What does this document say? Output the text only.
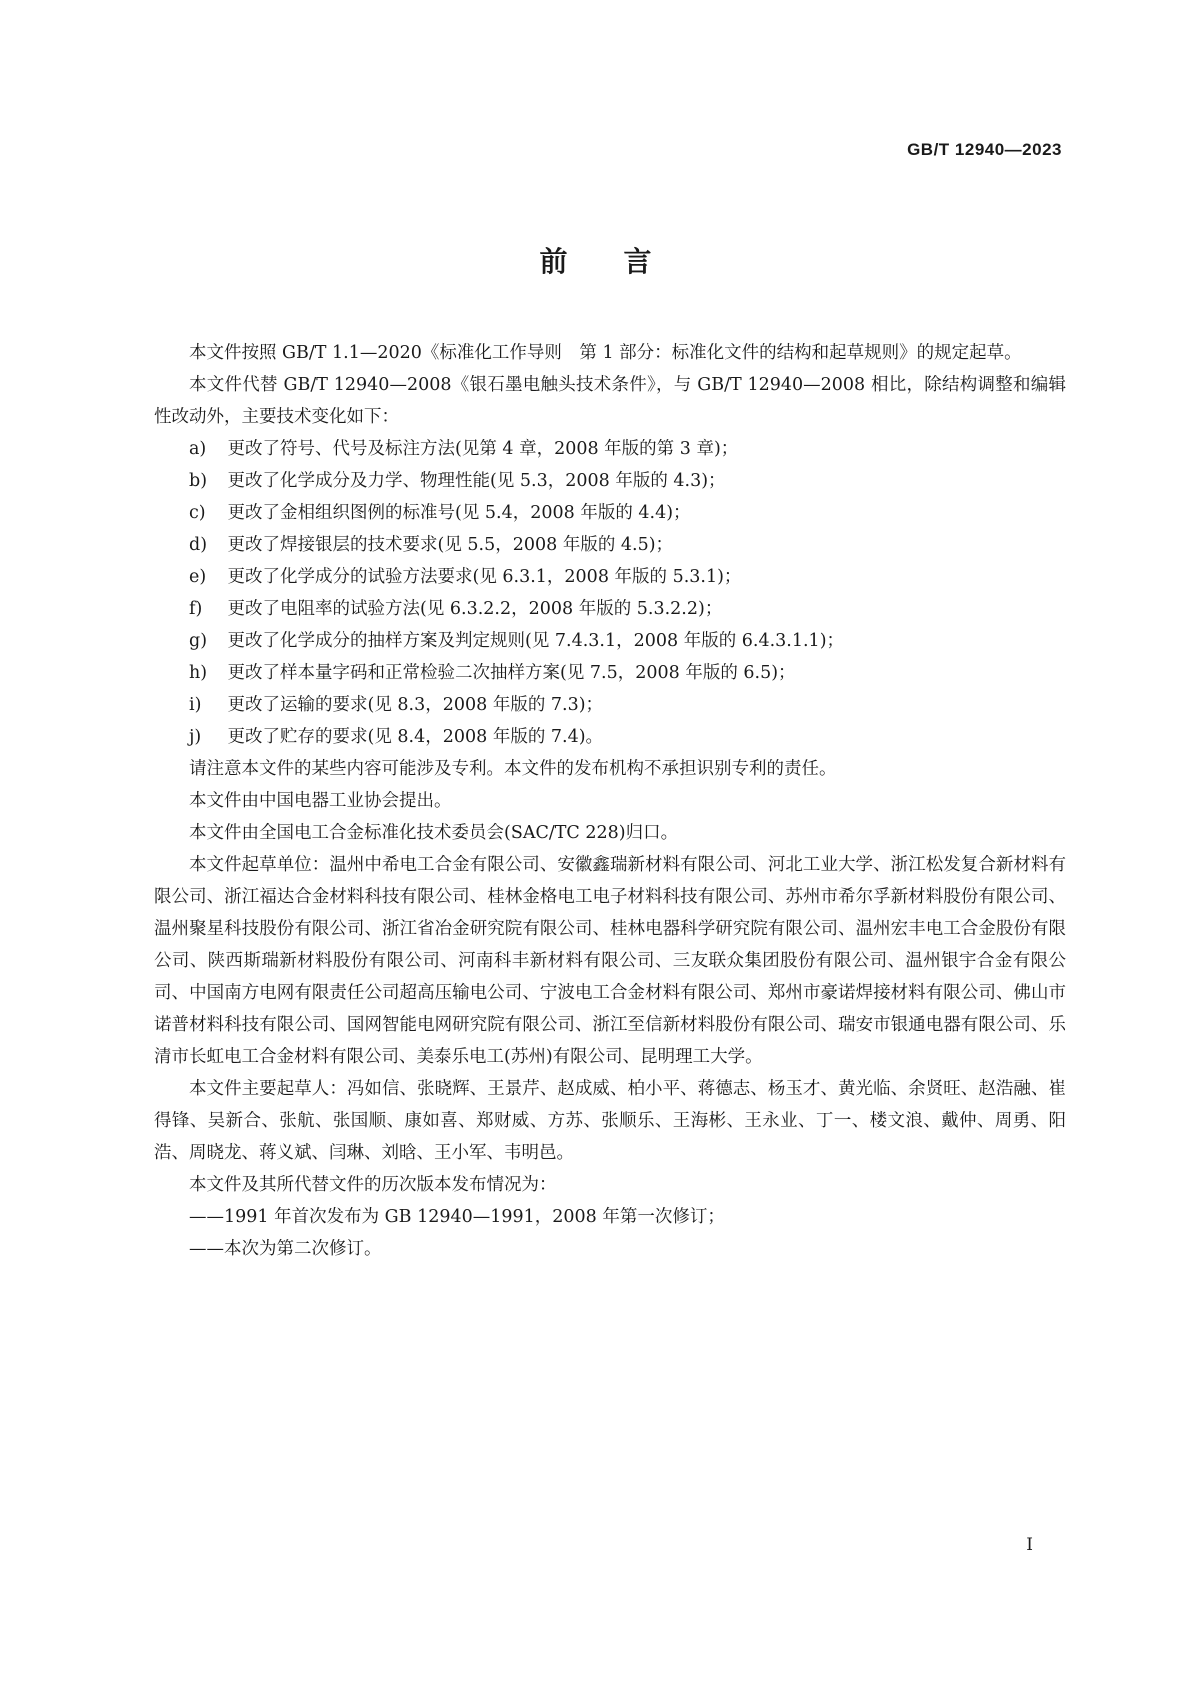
GB/T 12940—2023
前言

本文件按照 GB/T 1.1—2020《标准化工作导则　第 1 部分：标准化文件的结构和起草规则》的规定起草。

本文件代替 GB/T 12940—2008《银石墨电触头技术条件》，与 GB/T 12940—2008 相比，除结构调整和编辑性改动外，主要技术变化如下：

a)	更改了符号、代号及标注方法(见第 4 章，2008 年版的第 3 章)；
b)	更改了化学成分及力学、物理性能(见 5.3，2008 年版的 4.3)；
c)	更改了金相组织图例的标准号(见 5.4，2008 年版的 4.4)；
d)	更改了焊接银层的技术要求(见 5.5，2008 年版的 4.5)；
e)	更改了化学成分的试验方法要求(见 6.3.1，2008 年版的 5.3.1)；
f)	更改了电阻率的试验方法(见 6.3.2.2，2008 年版的 5.3.2.2)；
g)	更改了化学成分的抽样方案及判定规则(见 7.4.3.1，2008 年版的 6.4.3.1.1)；
h)	更改了样本量字码和正常检验二次抽样方案(见 7.5，2008 年版的 6.5)；
i)	更改了运输的要求(见 8.3，2008 年版的 7.3)；
j)	更改了贮存的要求(见 8.4，2008 年版的 7.4)。

请注意本文件的某些内容可能涉及专利。本文件的发布机构不承担识别专利的责任。

本文件由中国电器工业协会提出。

本文件由全国电工合金标准化技术委员会(SAC/TC 228)归口。

本文件起草单位：温州中希电工合金有限公司、安徽鑫瑞新材料有限公司、河北工业大学、浙江松发复合新材料有限公司、浙江福达合金材料科技有限公司、桂林金格电工电子材料科技有限公司、苏州市希尔孚新材料股份有限公司、温州聚星科技股份有限公司、浙江省冶金研究院有限公司、桂林电器科学研究院有限公司、温州宏丰电工合金股份有限公司、陕西斯瑞新材料股份有限公司、河南科丰新材料有限公司、三友联众集团股份有限公司、温州银宇合金有限公司、中国南方电网有限责任公司超高压输电公司、宁波电工合金材料有限公司、郑州市豪诺焊接材料有限公司、佛山市诺普材料科技有限公司、国网智能电网研究院有限公司、浙江至信新材料股份有限公司、瑞安市银通电器有限公司、乐清市长虹电工合金材料有限公司、美泰乐电工(苏州)有限公司、昆明理工大学。

本文件主要起草人：冯如信、张晓辉、王景芹、赵成威、柏小平、蒋德志、杨玉才、黄光临、余贤旺、赵浩融、崔得锋、吴新合、张航、张国顺、康如喜、郑财威、方苏、张顺乐、王海彬、王永业、丁一、楼文浪、戴仲、周勇、阳浩、周晓龙、蒋义斌、闫琳、刘晗、王小军、韦明邑。

本文件及其所代替文件的历次版本发布情况为：

——1991 年首次发布为 GB 12940—1991，2008 年第一次修订；
——本次为第二次修订。
I
